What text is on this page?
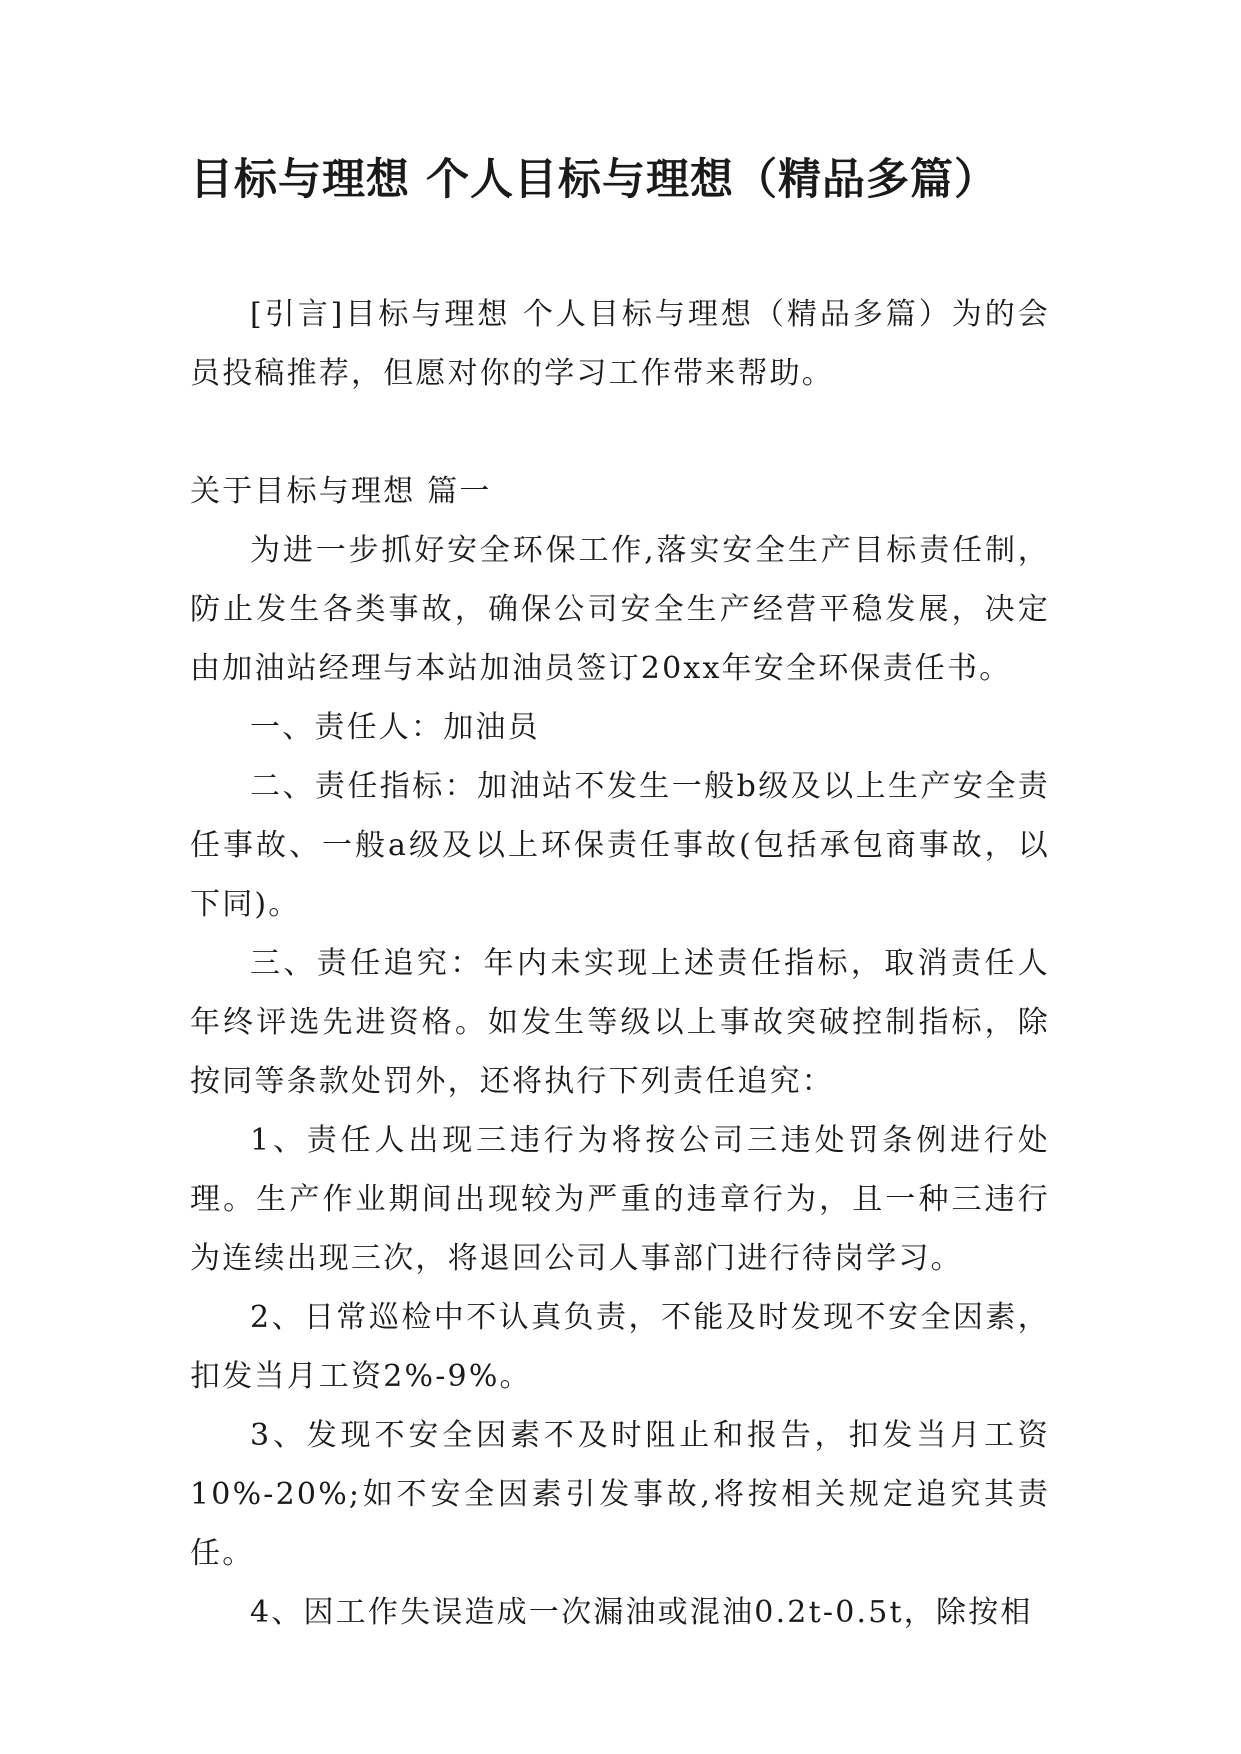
目标与理想 个人目标与理想（精品多篇）

[引言]目标与理想 个人目标与理想（精品多篇）为的会员投稿推荐，但愿对你的学习工作带来帮助。

关于目标与理想 篇一

为进一步抓好安全环保工作,落实安全生产目标责任制，防止发生各类事故，确保公司安全生产经营平稳发展，决定由加油站经理与本站加油员签订20xx年安全环保责任书。

一、责任人：加油员

二、责任指标：加油站不发生一般b级及以上生产安全责任事故、一般a级及以上环保责任事故(包括承包商事故，以下同)。

三、责任追究：年内未实现上述责任指标，取消责任人年终评选先进资格。如发生等级以上事故突破控制指标，除按同等条款处罚外，还将执行下列责任追究：

1、责任人出现三违行为将按公司三违处罚条例进行处理。生产作业期间出现较为严重的违章行为，且一种三违行为连续出现三次，将退回公司人事部门进行待岗学习。

2、日常巡检中不认真负责，不能及时发现不安全因素，扣发当月工资2%-9%。

3、发现不安全因素不及时阻止和报告，扣发当月工资10%-20%;如不安全因素引发事故,将按相关规定追究其责任。

4、因工作失误造成一次漏油或混油0.2t-0.5t，除按相
